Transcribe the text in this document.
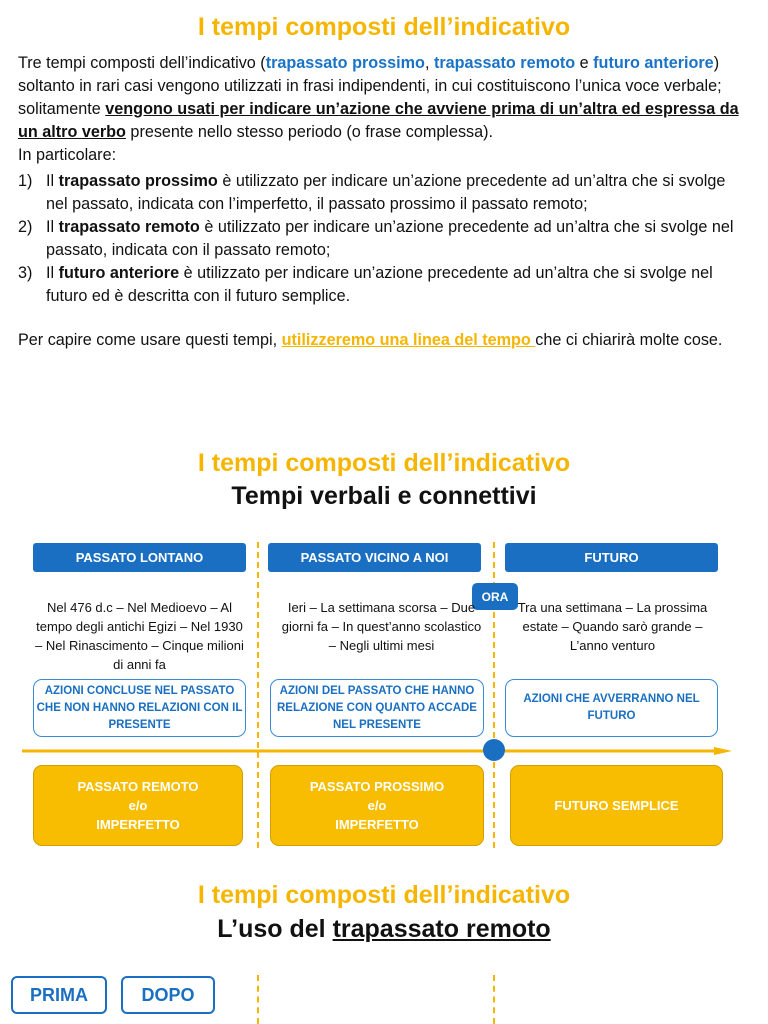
I tempi composti dell’indicativo
Tre tempi composti dell’indicativo (trapassato prossimo, trapassato remoto e futuro anteriore) soltanto in rari casi vengono utilizzati in frasi indipendenti, in cui costituiscono l’unica voce verbale; solitamente vengono usati per indicare un’azione che avviene prima di un’altra ed espressa da un altro verbo presente nello stesso periodo (o frase complessa).
In particolare:
1) Il trapassato prossimo è utilizzato per indicare un’azione precedente ad un’altra che si svolge nel passato, indicata con l’imperfetto, il passato prossimo il passato remoto;
2) Il trapassato remoto è utilizzato per indicare un’azione precedente ad un’altra che si svolge nel passato, indicata con il passato remoto;
3) Il futuro anteriore è utilizzato per indicare un’azione precedente ad un’altra che si svolge nel futuro ed è descritta con il futuro semplice.
Per capire come usare questi tempi, utilizzeremo una linea del tempo che ci chiarirà molte cose.
I tempi composti dell’indicativo
Tempi verbali e connettivi
PASSATO LONTANO	PASSATO VICINO A NOI	FUTURO
ORA
Nel 476 d.c – Nel Medioevo – Al tempo degli antichi Egizi – Nel 1930 – Nel Rinascimento – Cinque milioni di anni fa
Ieri – La settimana scorsa – Due giorni fa – In quest’anno scolastico – Negli ultimi mesi
Tra una settimana – La prossima estate – Quando sarò grande – L’anno venturo
AZIONI CONCLUSE NEL PASSATO CHE NON HANNO RELAZIONI CON IL PRESENTE
AZIONI DEL PASSATO CHE HANNO RELAZIONE CON QUANTO ACCADE NEL PRESENTE
AZIONI CHE AVVERRANNO NEL FUTURO
PASSATO REMOTO
e/o
IMPERFETTO
PASSATO PROSSIMO
e/o
IMPERFETTO
FUTURO SEMPLICE
I tempi composti dell’indicativo
L’uso del trapassato remoto
PRIMA	DOPO
